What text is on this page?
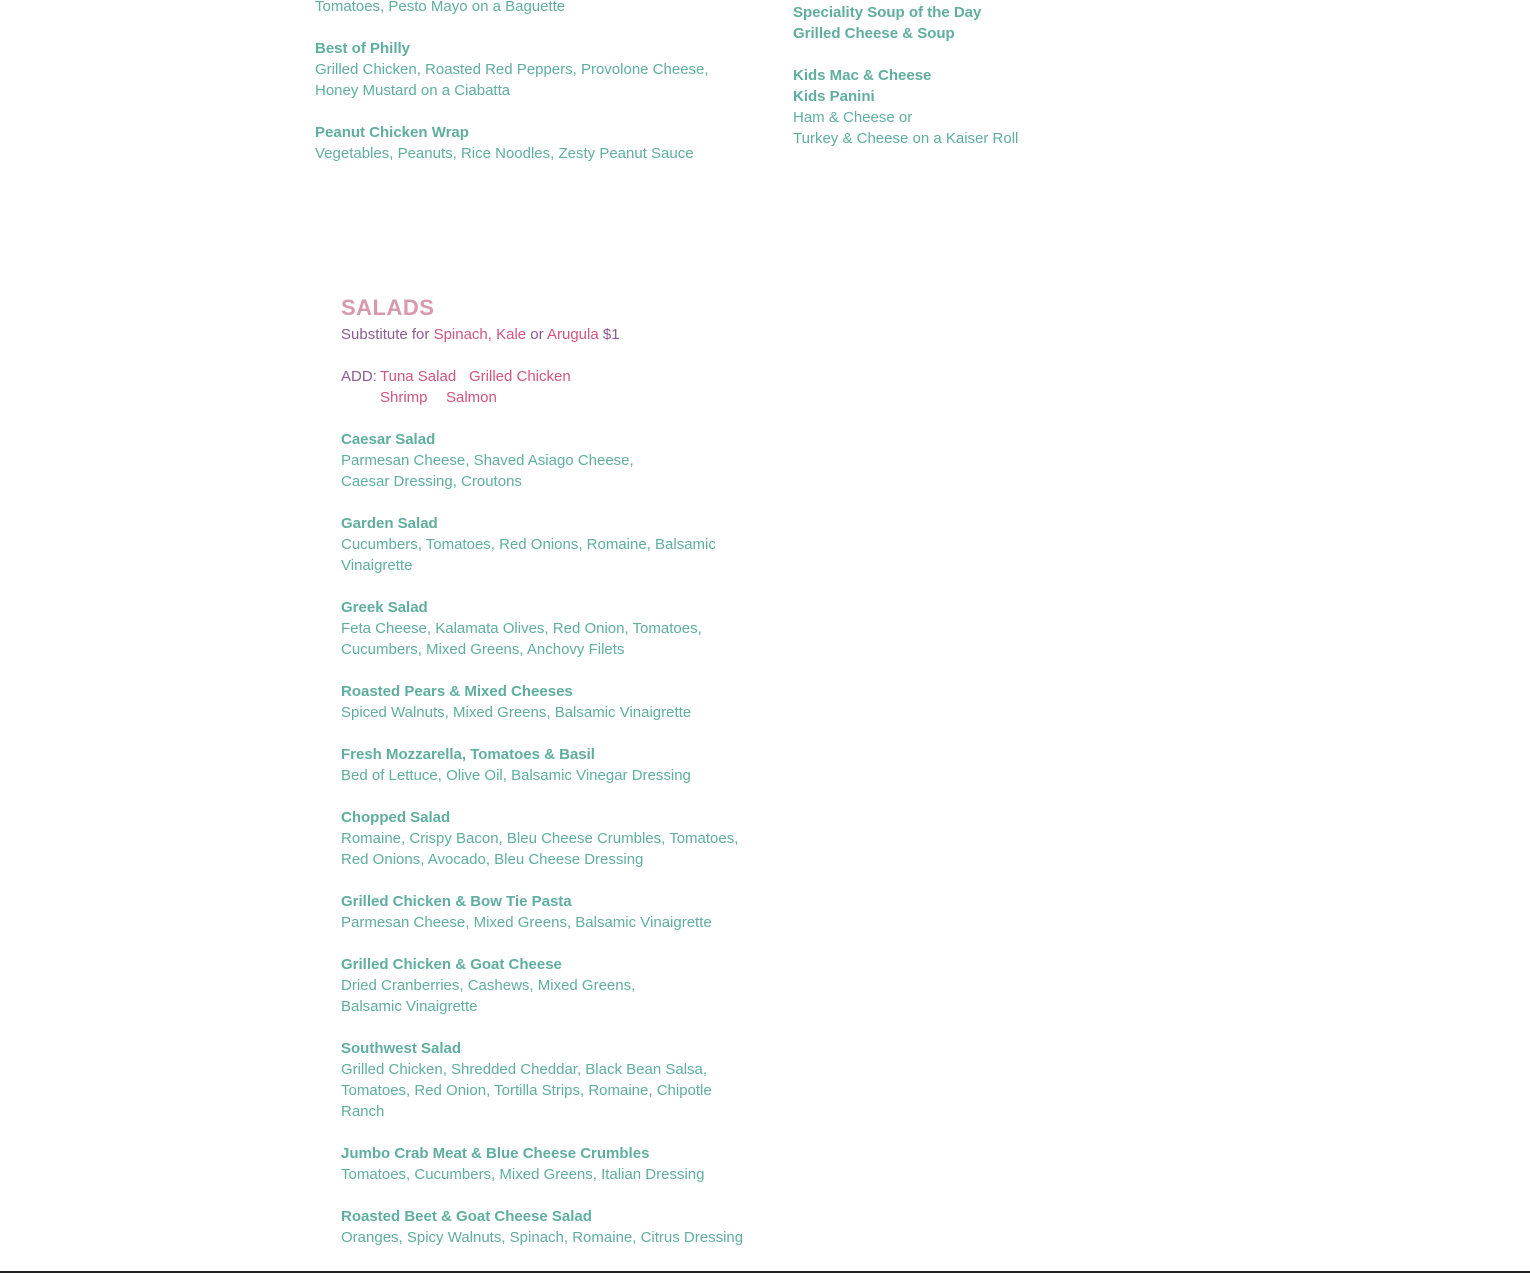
Tomatoes, Pesto Mayo on a Baguette
Best of Philly
Grilled Chicken, Roasted Red Peppers, Provolone Cheese,
Honey Mustard on a Ciabatta
Peanut Chicken Wrap
Vegetables, Peanuts, Rice Noodles, Zesty Peanut Sauce
Speciality Soup of the Day
Grilled Cheese & Soup
Kids Mac & Cheese
Kids Panini
Ham & Cheese or
Turkey & Cheese on a Kaiser Roll
SALADS
Substitute for Spinach, Kale or Arugula $1
ADD: Tuna Salad Grilled Chicken
Shrimp Salmon
Caesar Salad
Parmesan Cheese, Shaved Asiago Cheese,
Caesar Dressing, Croutons
Garden Salad
Cucumbers, Tomatoes, Red Onions, Romaine, Balsamic
Vinaigrette
Greek Salad
Feta Cheese, Kalamata Olives, Red Onion, Tomatoes,
Cucumbers, Mixed Greens, Anchovy Filets
Roasted Pears & Mixed Cheeses
Spiced Walnuts, Mixed Greens, Balsamic Vinaigrette
Fresh Mozzarella, Tomatoes & Basil
Bed of Lettuce, Olive Oil, Balsamic Vinegar Dressing
Chopped Salad
Romaine, Crispy Bacon, Bleu Cheese Crumbles, Tomatoes,
Red Onions, Avocado, Bleu Cheese Dressing
Grilled Chicken & Bow Tie Pasta
Parmesan Cheese, Mixed Greens, Balsamic Vinaigrette
Grilled Chicken & Goat Cheese
Dried Cranberries, Cashews, Mixed Greens,
Balsamic Vinaigrette
Southwest Salad
Grilled Chicken, Shredded Cheddar, Black Bean Salsa,
Tomatoes, Red Onion, Tortilla Strips, Romaine, Chipotle
Ranch
Jumbo Crab Meat & Blue Cheese Crumbles
Tomatoes, Cucumbers, Mixed Greens, Italian Dressing
Roasted Beet & Goat Cheese Salad
Oranges, Spicy Walnuts, Spinach, Romaine, Citrus Dressing
